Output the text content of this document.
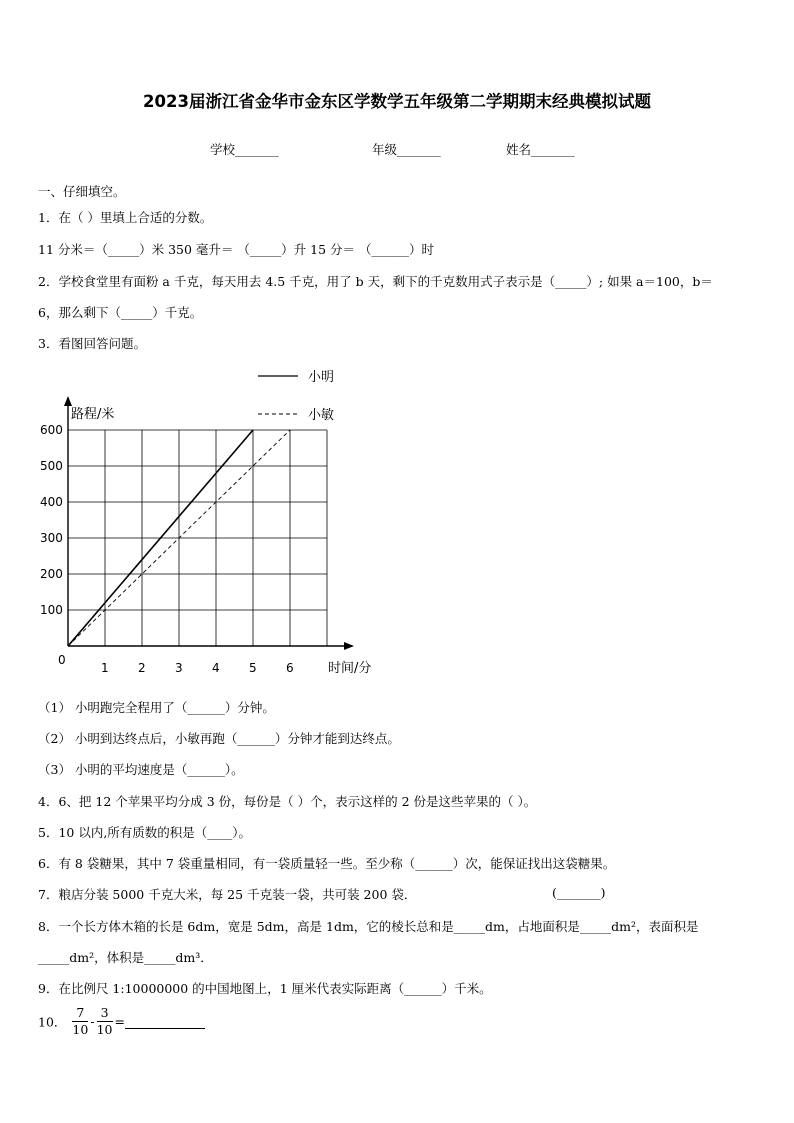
2023届浙江省金华市金东区学数学五年级第二学期期末经典模拟试题
学校_______	年级_______	姓名_______
一、仔细填空。
1．在（ ）里填上合适的分数。
11 分米＝（_____）米 350 毫升＝ （_____）升 15 分＝ （______）时
2．学校食堂里有面粉 a 千克，每天用去 4.5 千克，用了 b 天，剩下的千克数用式子表示是（_____）; 如果 a＝100，b＝
6，那么剩下（_____）千克。
3．看图回答问题。
路程/米
时间/分
0
1 2 3 4 5 6
100
200
300
400
500
600
小明
小敏
（1） 小明跑完全程用了（______）分钟。
（2） 小明到达终点后，小敏再跑（______）分钟才能到达终点。
（3） 小明的平均速度是（______）。
4．6、把 12 个苹果平均分成 3 份，每份是（ ）个，表示这样的 2 份是这些苹果的（ ）。
5．10 以内,所有质数的积是（____）。
6．有 8 袋糖果，其中 7 袋重量相同，有一袋质量轻一些。至少称（______）次，能保证找出这袋糖果。
7．粮店分装 5000 千克大米，每 25 千克装一袋，共可装 200 袋．	(_______)
8．一个长方体木箱的长是 6dm，宽是 5dm，高是 1dm，它的棱长总和是_____dm，占地面积是_____dm²，表面积是
_____dm²，体积是_____dm³．
9．在比例尺 1:10000000 的中国地图上，1 厘米代表实际距离（______）千米。
10． $\frac{7}{10} - \frac{3}{10}$ =
